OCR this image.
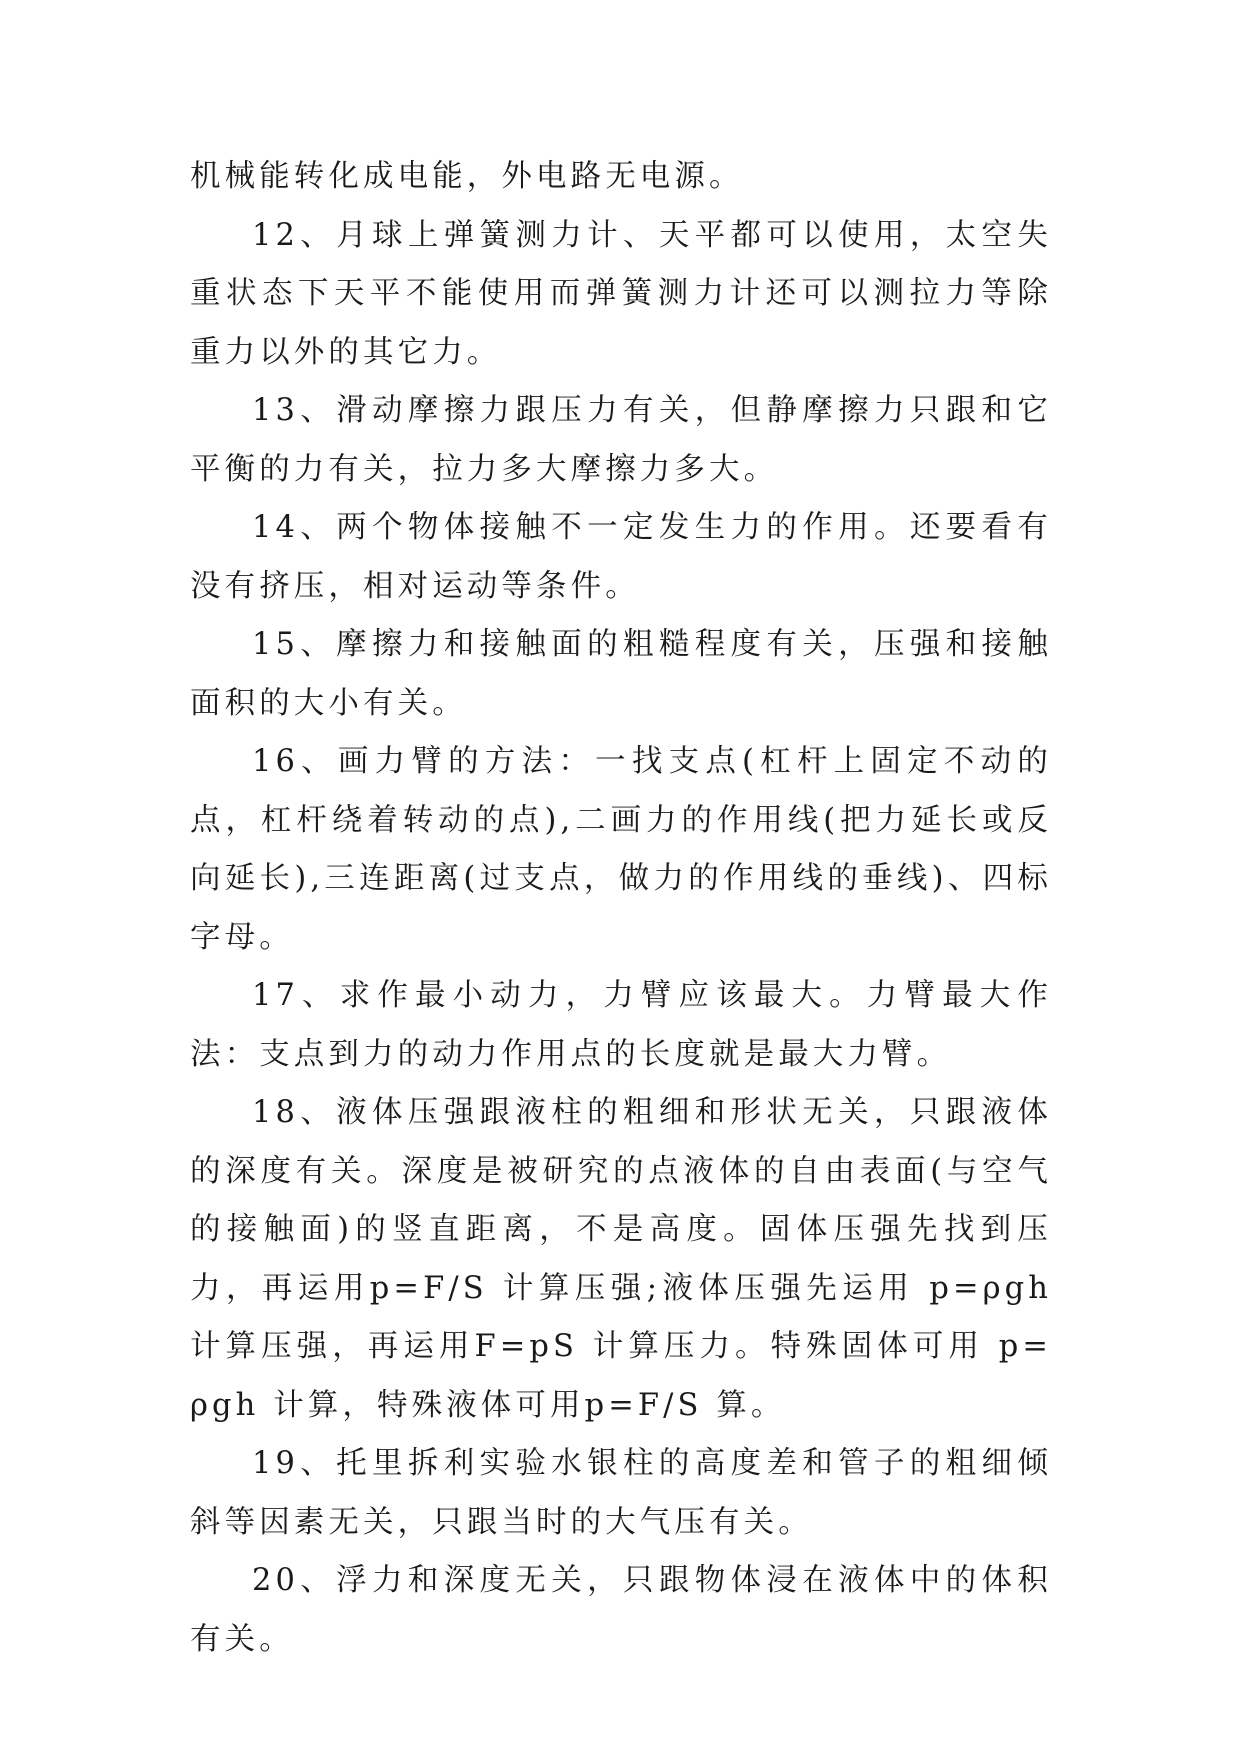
机械能转化成电能，外电路无电源。

12、月球上弹簧测力计、天平都可以使用，太空失重状态下天平不能使用而弹簧测力计还可以测拉力等除重力以外的其它力。

13、滑动摩擦力跟压力有关，但静摩擦力只跟和它平衡的力有关，拉力多大摩擦力多大。

14、两个物体接触不一定发生力的作用。还要看有没有挤压，相对运动等条件。

15、摩擦力和接触面的粗糙程度有关，压强和接触面积的大小有关。

16、画力臂的方法：一找支点(杠杆上固定不动的点，杠杆绕着转动的点),二画力的作用线(把力延长或反向延长),三连距离(过支点，做力的作用线的垂线)、四标字母。

17、求作最小动力，力臂应该最大。力臂最大作法：支点到力的动力作用点的长度就是最大力臂。

18、液体压强跟液柱的粗细和形状无关，只跟液体的深度有关。深度是被研究的点液体的自由表面(与空气的接触面)的竖直距离，不是高度。固体压强先找到压力，再运用p=F/S 计算压强;液体压强先运用 p=ρgh 计算压强，再运用F=pS 计算压力。特殊固体可用 p=ρgh 计算，特殊液体可用p=F/S 算。

19、托里拆利实验水银柱的高度差和管子的粗细倾斜等因素无关，只跟当时的大气压有关。

20、浮力和深度无关，只跟物体浸在液体中的体积有关。
